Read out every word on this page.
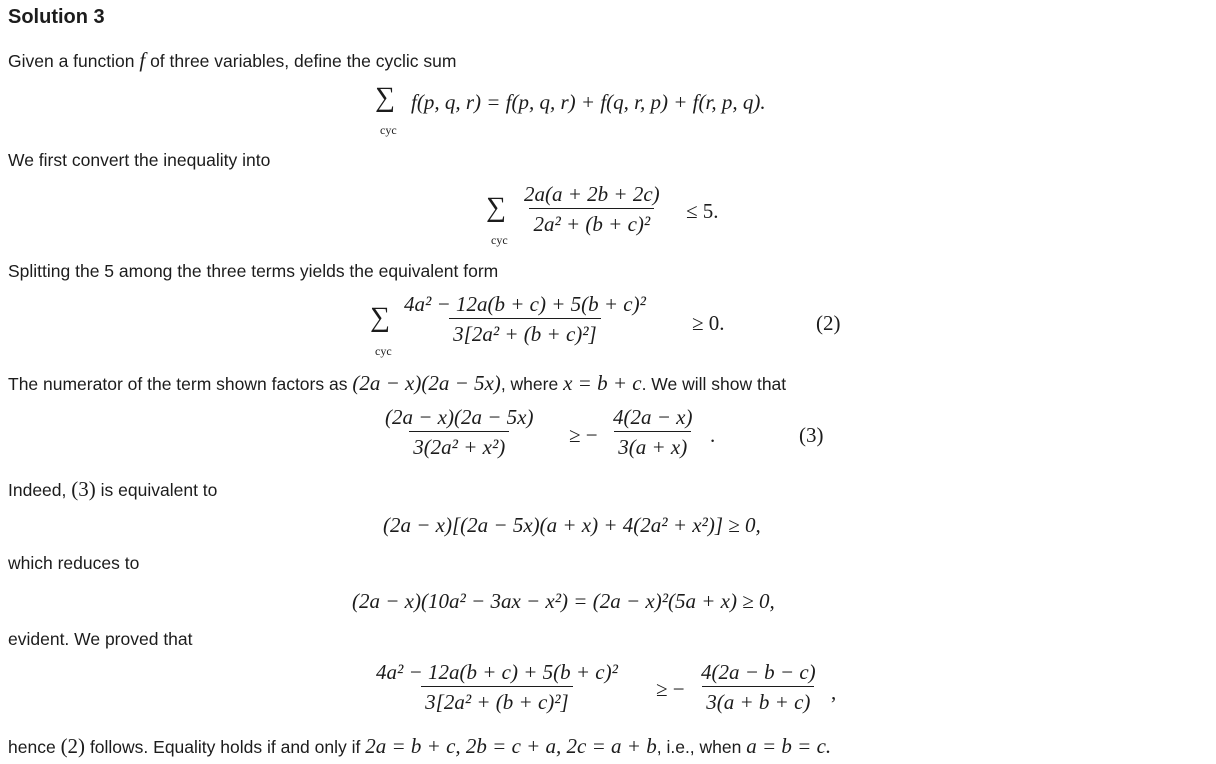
Solution 3
Given a function f of three variables, define the cyclic sum
∑
cyc
f(p, q, r) = f(p, q, r) + f(q, r, p) + f(r, p, q).
We first convert the inequality into
∑
cyc
$\frac{2a(a + 2b + 2c)}{\text{2a² + (b + c)²}} \le 5$.
Splitting the 5 among the three terms yields the equivalent form
∑
cyc
$\frac{\text{4a² − 12a(b + c) + 5(b + c)²}}{\text{3[2a² + (b + c)²]}} \ge 0$.	(2)
The numerator of the term shown factors as (2a − x)(2a − 5x), where x = b + c. We will show that
$\frac{(2a - x)(2a - 5x)}{\text{3(2a² + x²)}}$ ≥ − $\frac{4(2a - x)}{3(a + x)}$ .	(3)
Indeed, (3) is equivalent to
(2a − x)[(2a − 5x)(a + x) + 4(2a² + x²)] ≥ 0,
which reduces to
(2a − x)(10a² − 3ax − x²) = (2a − x)²(5a + x) ≥ 0,
evident. We proved that
$\frac{\text{4a² − 12a(b + c) + 5(b + c)²}}{\text{3[2a² + (b + c)²]}}$ ≥ − $\frac{4(2a - b - c)}{3(a + b + c)}$ ,
hence (2) follows. Equality holds if and only if 2a = b + c, 2b = c + a, 2c = a + b, i.e., when a = b = c.
